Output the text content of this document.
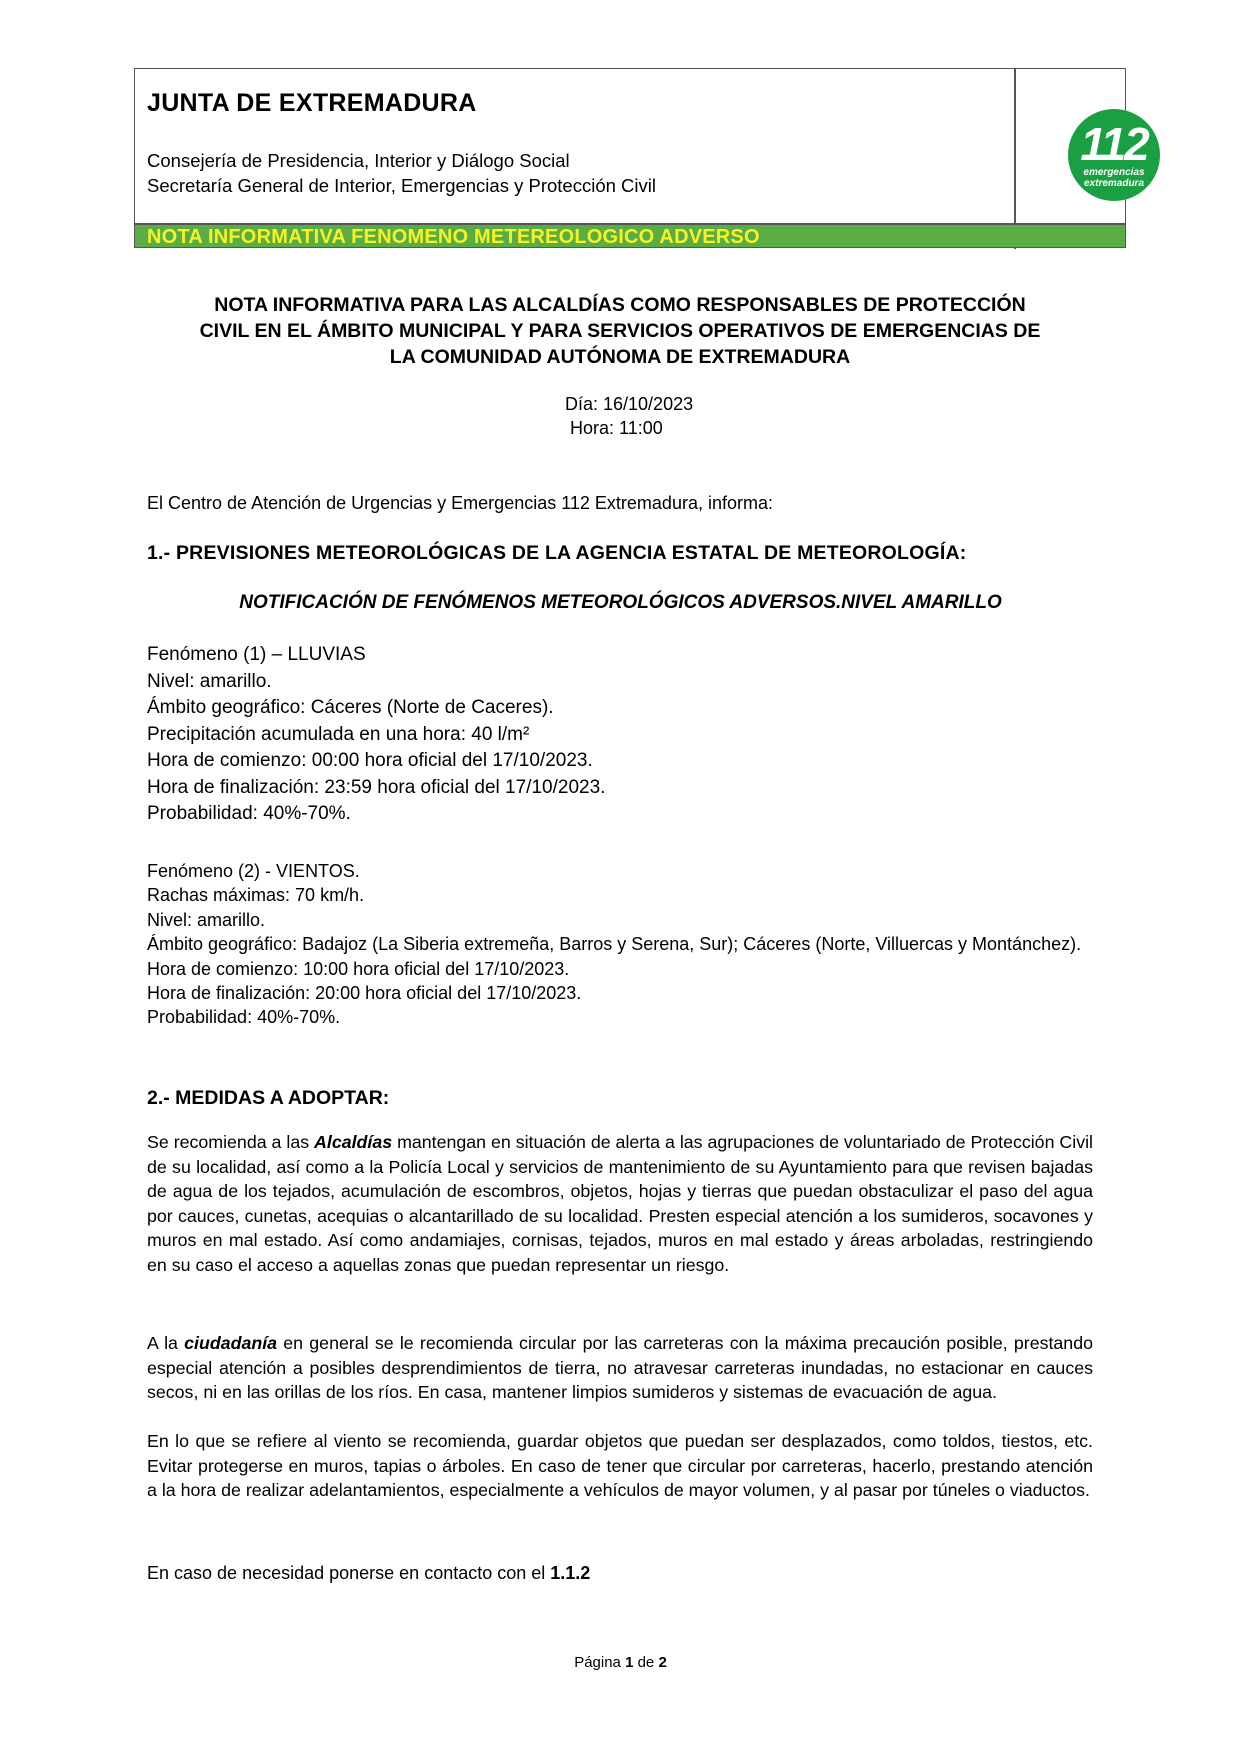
JUNTA DE EXTREMADURA
Consejería de Presidencia, Interior y Diálogo Social
Secretaría General de Interior, Emergencias y Protección Civil
NOTA INFORMATIVA FENOMENO METEREOLOGICO ADVERSO
112
emergencias
extremadura
NOTA INFORMATIVA PARA LAS ALCALDÍAS COMO RESPONSABLES DE PROTECCIÓN
CIVIL EN EL ÁMBITO MUNICIPAL Y PARA SERVICIOS OPERATIVOS DE EMERGENCIAS DE
LA COMUNIDAD AUTÓNOMA DE EXTREMADURA
Día: 16/10/2023
Hora: 11:00
El Centro de Atención de Urgencias y Emergencias 112 Extremadura, informa:
1.- PREVISIONES METEOROLÓGICAS DE LA AGENCIA ESTATAL DE METEOROLOGÍA:
NOTIFICACIÓN DE FENÓMENOS METEOROLÓGICOS ADVERSOS.NIVEL AMARILLO
Fenómeno (1) – LLUVIAS
Nivel: amarillo.
Ámbito geográfico: Cáceres (Norte de Caceres).
Precipitación acumulada en una hora: 40 l/m²
Hora de comienzo: 00:00 hora oficial del 17/10/2023.
Hora de finalización: 23:59 hora oficial del 17/10/2023.
Probabilidad: 40%-70%.
Fenómeno (2) - VIENTOS.
Rachas máximas: 70 km/h.
Nivel: amarillo.
Ámbito geográfico: Badajoz (La Siberia extremeña, Barros y Serena, Sur); Cáceres (Norte, Villuercas y Montánchez).
Hora de comienzo: 10:00 hora oficial del 17/10/2023.
Hora de finalización: 20:00 hora oficial del 17/10/2023.
Probabilidad: 40%-70%.
2.- MEDIDAS A ADOPTAR:
Se recomienda a las Alcaldías mantengan en situación de alerta a las agrupaciones de voluntariado de Protección Civil de su localidad, así como a la Policía Local y servicios de mantenimiento de su Ayuntamiento para que revisen bajadas de agua de los tejados, acumulación de escombros, objetos, hojas y tierras que puedan obstaculizar el paso del agua por cauces, cunetas, acequias o alcantarillado de su localidad. Presten especial atención a los sumideros, socavones y muros en mal estado. Así como andamiajes, cornisas, tejados, muros en mal estado y áreas arboladas, restringiendo en su caso el acceso a aquellas zonas que puedan representar un riesgo.
A la ciudadanía en general se le recomienda circular por las carreteras con la máxima precaución posible, prestando especial atención a posibles desprendimientos de tierra, no atravesar carreteras inundadas, no estacionar en cauces secos, ni en las orillas de los ríos. En casa, mantener limpios sumideros y sistemas de evacuación de agua.
En lo que se refiere al viento se recomienda, guardar objetos que puedan ser desplazados, como toldos, tiestos, etc. Evitar protegerse en muros, tapias o árboles. En caso de tener que circular por carreteras, hacerlo, prestando atención a la hora de realizar adelantamientos, especialmente a vehículos de mayor volumen, y al pasar por túneles o viaductos.
En caso de necesidad ponerse en contacto con el 1.1.2
Página 1 de 2
